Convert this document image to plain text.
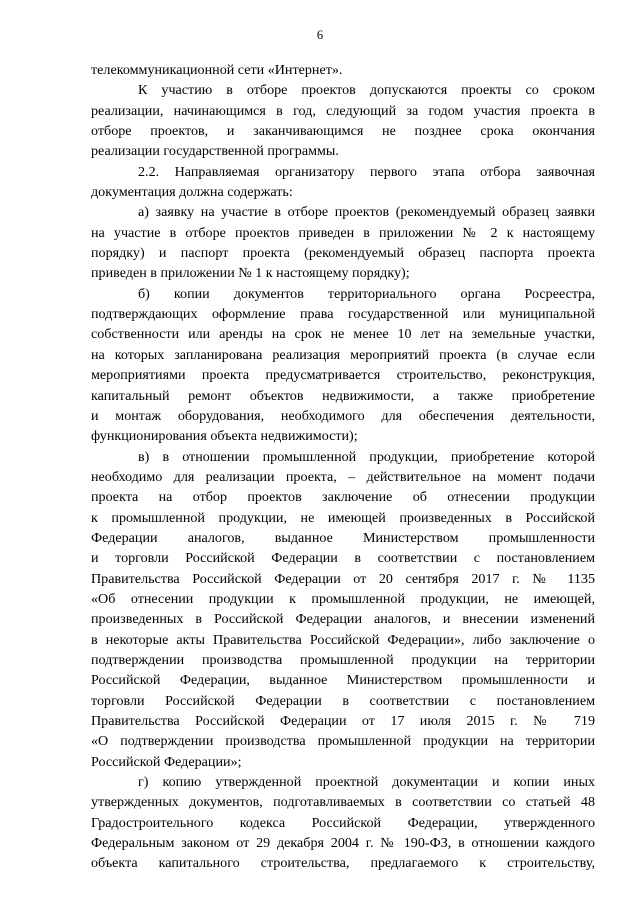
6
телекоммуникационной сети «Интернет».
К участию в отборе проектов допускаются проекты со сроком
реализации, начинающимся в год, следующий за годом участия проекта в
отборе проектов, и заканчивающимся не позднее срока окончания
реализации государственной программы.
2.2. Направляемая организатору первого этапа отбора заявочная
документация должна содержать:
а) заявку на участие в отборе проектов (рекомендуемый образец заявки
на участие в отборе проектов приведен в приложении № 2 к настоящему
порядку) и паспорт проекта (рекомендуемый образец паспорта проекта
приведен в приложении № 1 к настоящему порядку);
б) копии документов территориального органа Росреестра,
подтверждающих оформление права государственной или муниципальной
собственности или аренды на срок не менее 10 лет на земельные участки,
на которых запланирована реализация мероприятий проекта (в случае если
мероприятиями проекта предусматривается строительство, реконструкция,
капитальный ремонт объектов недвижимости, а также приобретение
и монтаж оборудования, необходимого для обеспечения деятельности,
функционирования объекта недвижимости);
в) в отношении промышленной продукции, приобретение которой
необходимо для реализации проекта, – действительное на момент подачи
проекта на отбор проектов заключение об отнесении продукции
к промышленной продукции, не имеющей произведенных в Российской
Федерации аналогов, выданное Министерством промышленности
и торговли Российской Федерации в соответствии с постановлением
Правительства Российской Федерации от 20 сентября 2017 г. № 1135
«Об отнесении продукции к промышленной продукции, не имеющей,
произведенных в Российской Федерации аналогов, и внесении изменений
в некоторые акты Правительства Российской Федерации», либо заключение о
подтверждении производства промышленной продукции на территории
Российской Федерации, выданное Министерством промышленности и
торговли Российской Федерации в соответствии с постановлением
Правительства Российской Федерации от 17 июля 2015 г. № 719
«О подтверждении производства промышленной продукции на территории
Российской Федерации»;
г) копию утвержденной проектной документации и копии иных
утвержденных документов, подготавливаемых в соответствии со статьей 48
Градостроительного кодекса Российской Федерации, утвержденного
Федеральным законом от 29 декабря 2004 г. № 190-ФЗ, в отношении каждого
объекта капитального строительства, предлагаемого к строительству,
